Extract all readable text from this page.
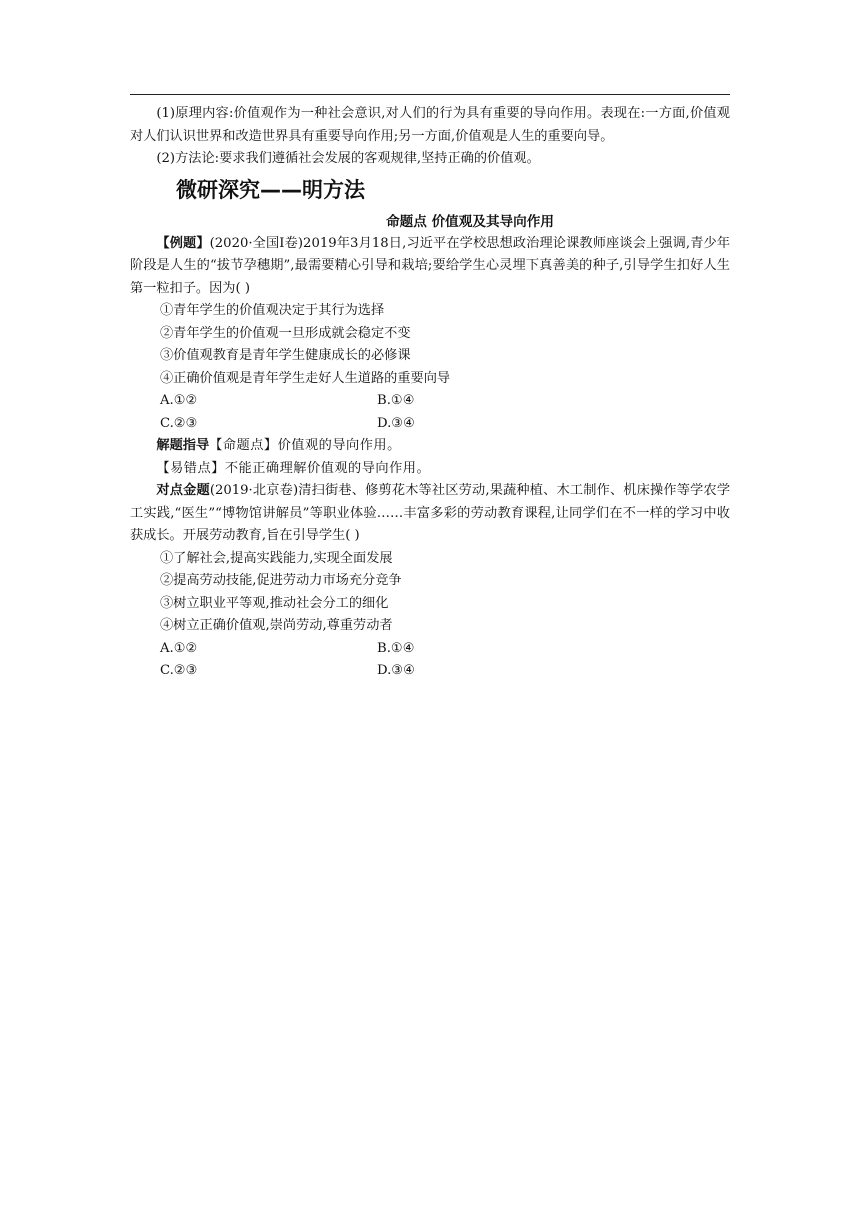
(1)原理内容:价值观作为一种社会意识,对人们的行为具有重要的导向作用。表现在:一方面,价值观对人们认识世界和改造世界具有重要导向作用;另一方面,价值观是人生的重要向导。

(2)方法论:要求我们遵循社会发展的客观规律,坚持正确的价值观。

微研深究——明方法
命题点 价值观及其导向作用

【例题】(2020·全国Ⅰ卷)2019年3月18日,习近平在学校思想政治理论课教师座谈会上强调,青少年阶段是人生的“拔节孕穗期”,最需要精心引导和栽培;要给学生心灵埋下真善美的种子,引导学生扣好人生第一粒扣子。因为( )

①青年学生的价值观决定于其行为选择

②青年学生的价值观一旦形成就会稳定不变

③价值观教育是青年学生健康成长的必修课

④正确价值观是青年学生走好人生道路的重要向导

A.①②	B.①④
C.②③	D.③④

解题指导【命题点】价值观的导向作用。

【易错点】不能正确理解价值观的导向作用。

对点金题(2019·北京卷)清扫街巷、修剪花木等社区劳动,果蔬种植、木工制作、机床操作等学农学工实践,“医生”“博物馆讲解员”等职业体验……丰富多彩的劳动教育课程,让同学们在不一样的学习中收获成长。开展劳动教育,旨在引导学生( )

①了解社会,提高实践能力,实现全面发展

②提高劳动技能,促进劳动力市场充分竞争

③树立职业平等观,推动社会分工的细化

④树立正确价值观,崇尚劳动,尊重劳动者

A.①②	B.①④
C.②③	D.③④
